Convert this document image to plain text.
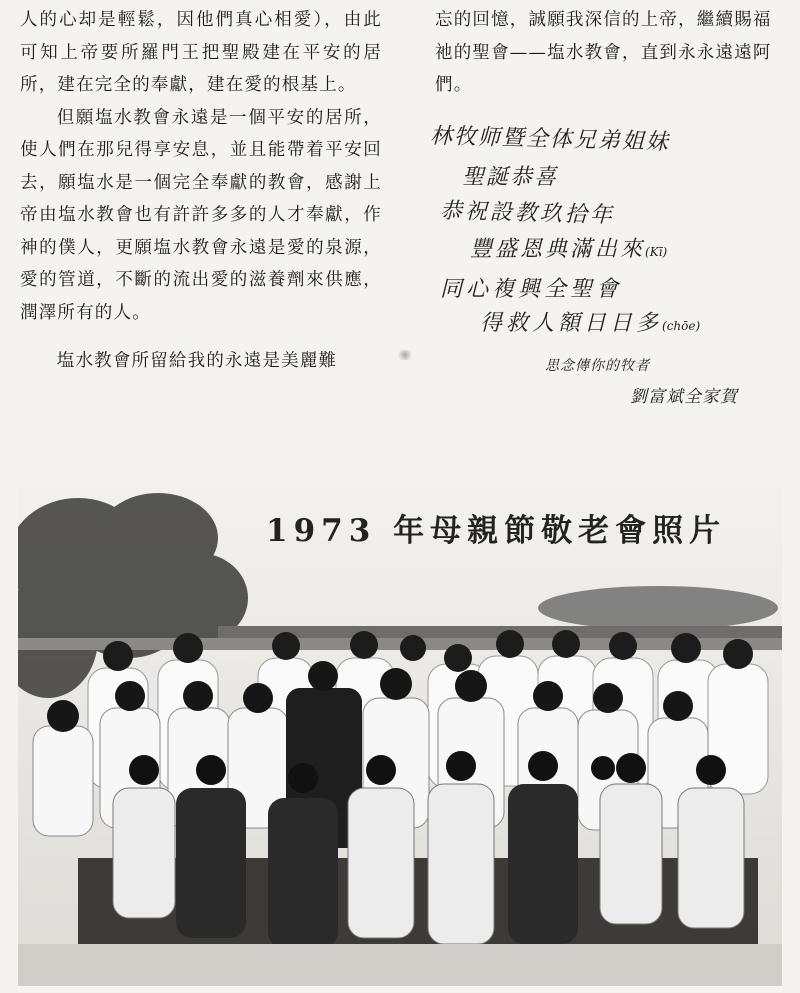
人的心却是輕鬆，因他們真心相愛），由此可知上帝要所羅門王把聖殿建在平安的居所，建在完全的奉獻，建在愛的根基上。

但願塩水教會永遠是一個平安的居所，使人們在那兒得享安息，並且能帶着平安回去，願塩水是一個完全奉獻的教會，感謝上帝由塩水教會也有許許多多的人才奉獻，作神的僕人，更願塩水教會永遠是愛的泉源，愛的管道，不斷的流出愛的滋養劑來供應，潤澤所有的人。

塩水教會所留給我的永遠是美麗難

忘的回憶，誠願我深信的上帝，繼續賜福祂的聖會——塩水教會，直到永永遠遠阿們。

林牧师暨全体兄弟姐妹
聖誕恭喜
恭祝設教玖拾年
豐盛恩典滿出來(Kī)
同心複興全聖會
得救人額日日多(chōe)
思念傳你的牧者
劉富斌全家賀
1973 年母親節敬老會照片
